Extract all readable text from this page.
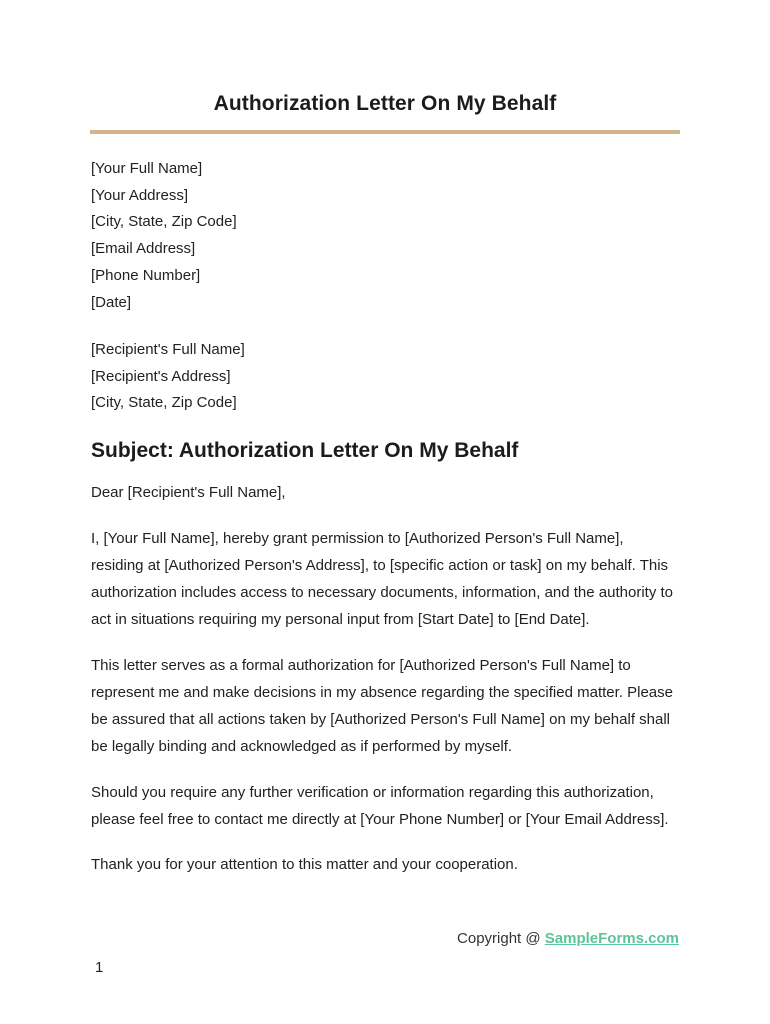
Authorization Letter On My Behalf
[Your Full Name]
[Your Address]
[City, State, Zip Code]
[Email Address]
[Phone Number]
[Date]
[Recipient's Full Name]
[Recipient's Address]
[City, State, Zip Code]
Subject: Authorization Letter On My Behalf
Dear [Recipient's Full Name],
I, [Your Full Name], hereby grant permission to [Authorized Person's Full Name],
residing at [Authorized Person's Address], to [specific action or task] on my behalf. This
authorization includes access to necessary documents, information, and the authority to
act in situations requiring my personal input from [Start Date] to [End Date].
This letter serves as a formal authorization for [Authorized Person's Full Name] to
represent me and make decisions in my absence regarding the specified matter. Please
be assured that all actions taken by [Authorized Person's Full Name] on my behalf shall
be legally binding and acknowledged as if performed by myself.
Should you require any further verification or information regarding this authorization,
please feel free to contact me directly at [Your Phone Number] or [Your Email Address].
Thank you for your attention to this matter and your cooperation.
Copyright @ SampleForms.com
1
